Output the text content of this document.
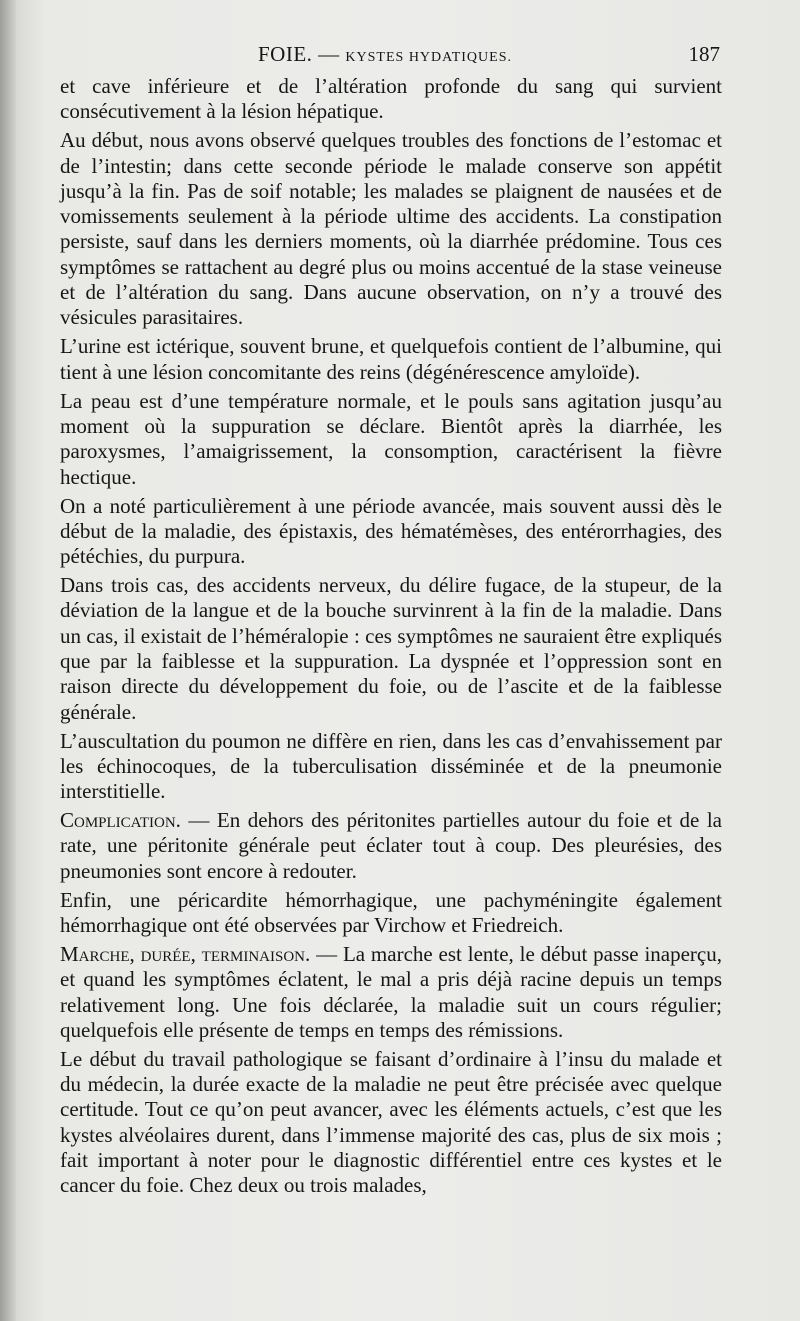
FOIE. — KYSTES HYDATIQUES.	187

et cave inférieure et de l’altération profonde du sang qui survient consécutivement à la lésion hépatique.

Au début, nous avons observé quelques troubles des fonctions de l’estomac et de l’intestin; dans cette seconde période le malade conserve son appétit jusqu’à la fin. Pas de soif notable; les malades se plaignent de nausées et de vomissements seulement à la période ultime des accidents. La constipation persiste, sauf dans les derniers moments, où la diarrhée prédomine. Tous ces symptômes se rattachent au degré plus ou moins accentué de la stase veineuse et de l’altération du sang. Dans aucune observation, on n’y a trouvé des vésicules parasitaires.

L’urine est ictérique, souvent brune, et quelquefois contient de l’albumine, qui tient à une lésion concomitante des reins (dégénérescence amyloïde).

La peau est d’une température normale, et le pouls sans agitation jusqu’au moment où la suppuration se déclare. Bientôt après la diarrhée, les paroxysmes, l’amaigrissement, la consomption, caractérisent la fièvre hectique.

On a noté particulièrement à une période avancée, mais souvent aussi dès le début de la maladie, des épistaxis, des hématémèses, des entérorrhagies, des pétéchies, du purpura.

Dans trois cas, des accidents nerveux, du délire fugace, de la stupeur, de la déviation de la langue et de la bouche survinrent à la fin de la maladie. Dans un cas, il existait de l’héméralopie : ces symptômes ne sauraient être expliqués que par la faiblesse et la suppuration. La dyspnée et l’oppression sont en raison directe du développement du foie, ou de l’ascite et de la faiblesse générale.

L’auscultation du poumon ne diffère en rien, dans les cas d’envahissement par les échinocoques, de la tuberculisation disséminée et de la pneumonie interstitielle.

Complication. — En dehors des péritonites partielles autour du foie et de la rate, une péritonite générale peut éclater tout à coup. Des pleurésies, des pneumonies sont encore à redouter.

Enfin, une péricardite hémorrhagique, une pachyméningite également hémorrhagique ont été observées par Virchow et Friedreich.

Marche, durée, terminaison. — La marche est lente, le début passe inaperçu, et quand les symptômes éclatent, le mal a pris déjà racine depuis un temps relativement long. Une fois déclarée, la maladie suit un cours régulier; quelquefois elle présente de temps en temps des rémissions.

Le début du travail pathologique se faisant d’ordinaire à l’insu du malade et du médecin, la durée exacte de la maladie ne peut être précisée avec quelque certitude. Tout ce qu’on peut avancer, avec les éléments actuels, c’est que les kystes alvéolaires durent, dans l’immense majorité des cas, plus de six mois ; fait important à noter pour le diagnostic différentiel entre ces kystes et le cancer du foie. Chez deux ou trois malades,
